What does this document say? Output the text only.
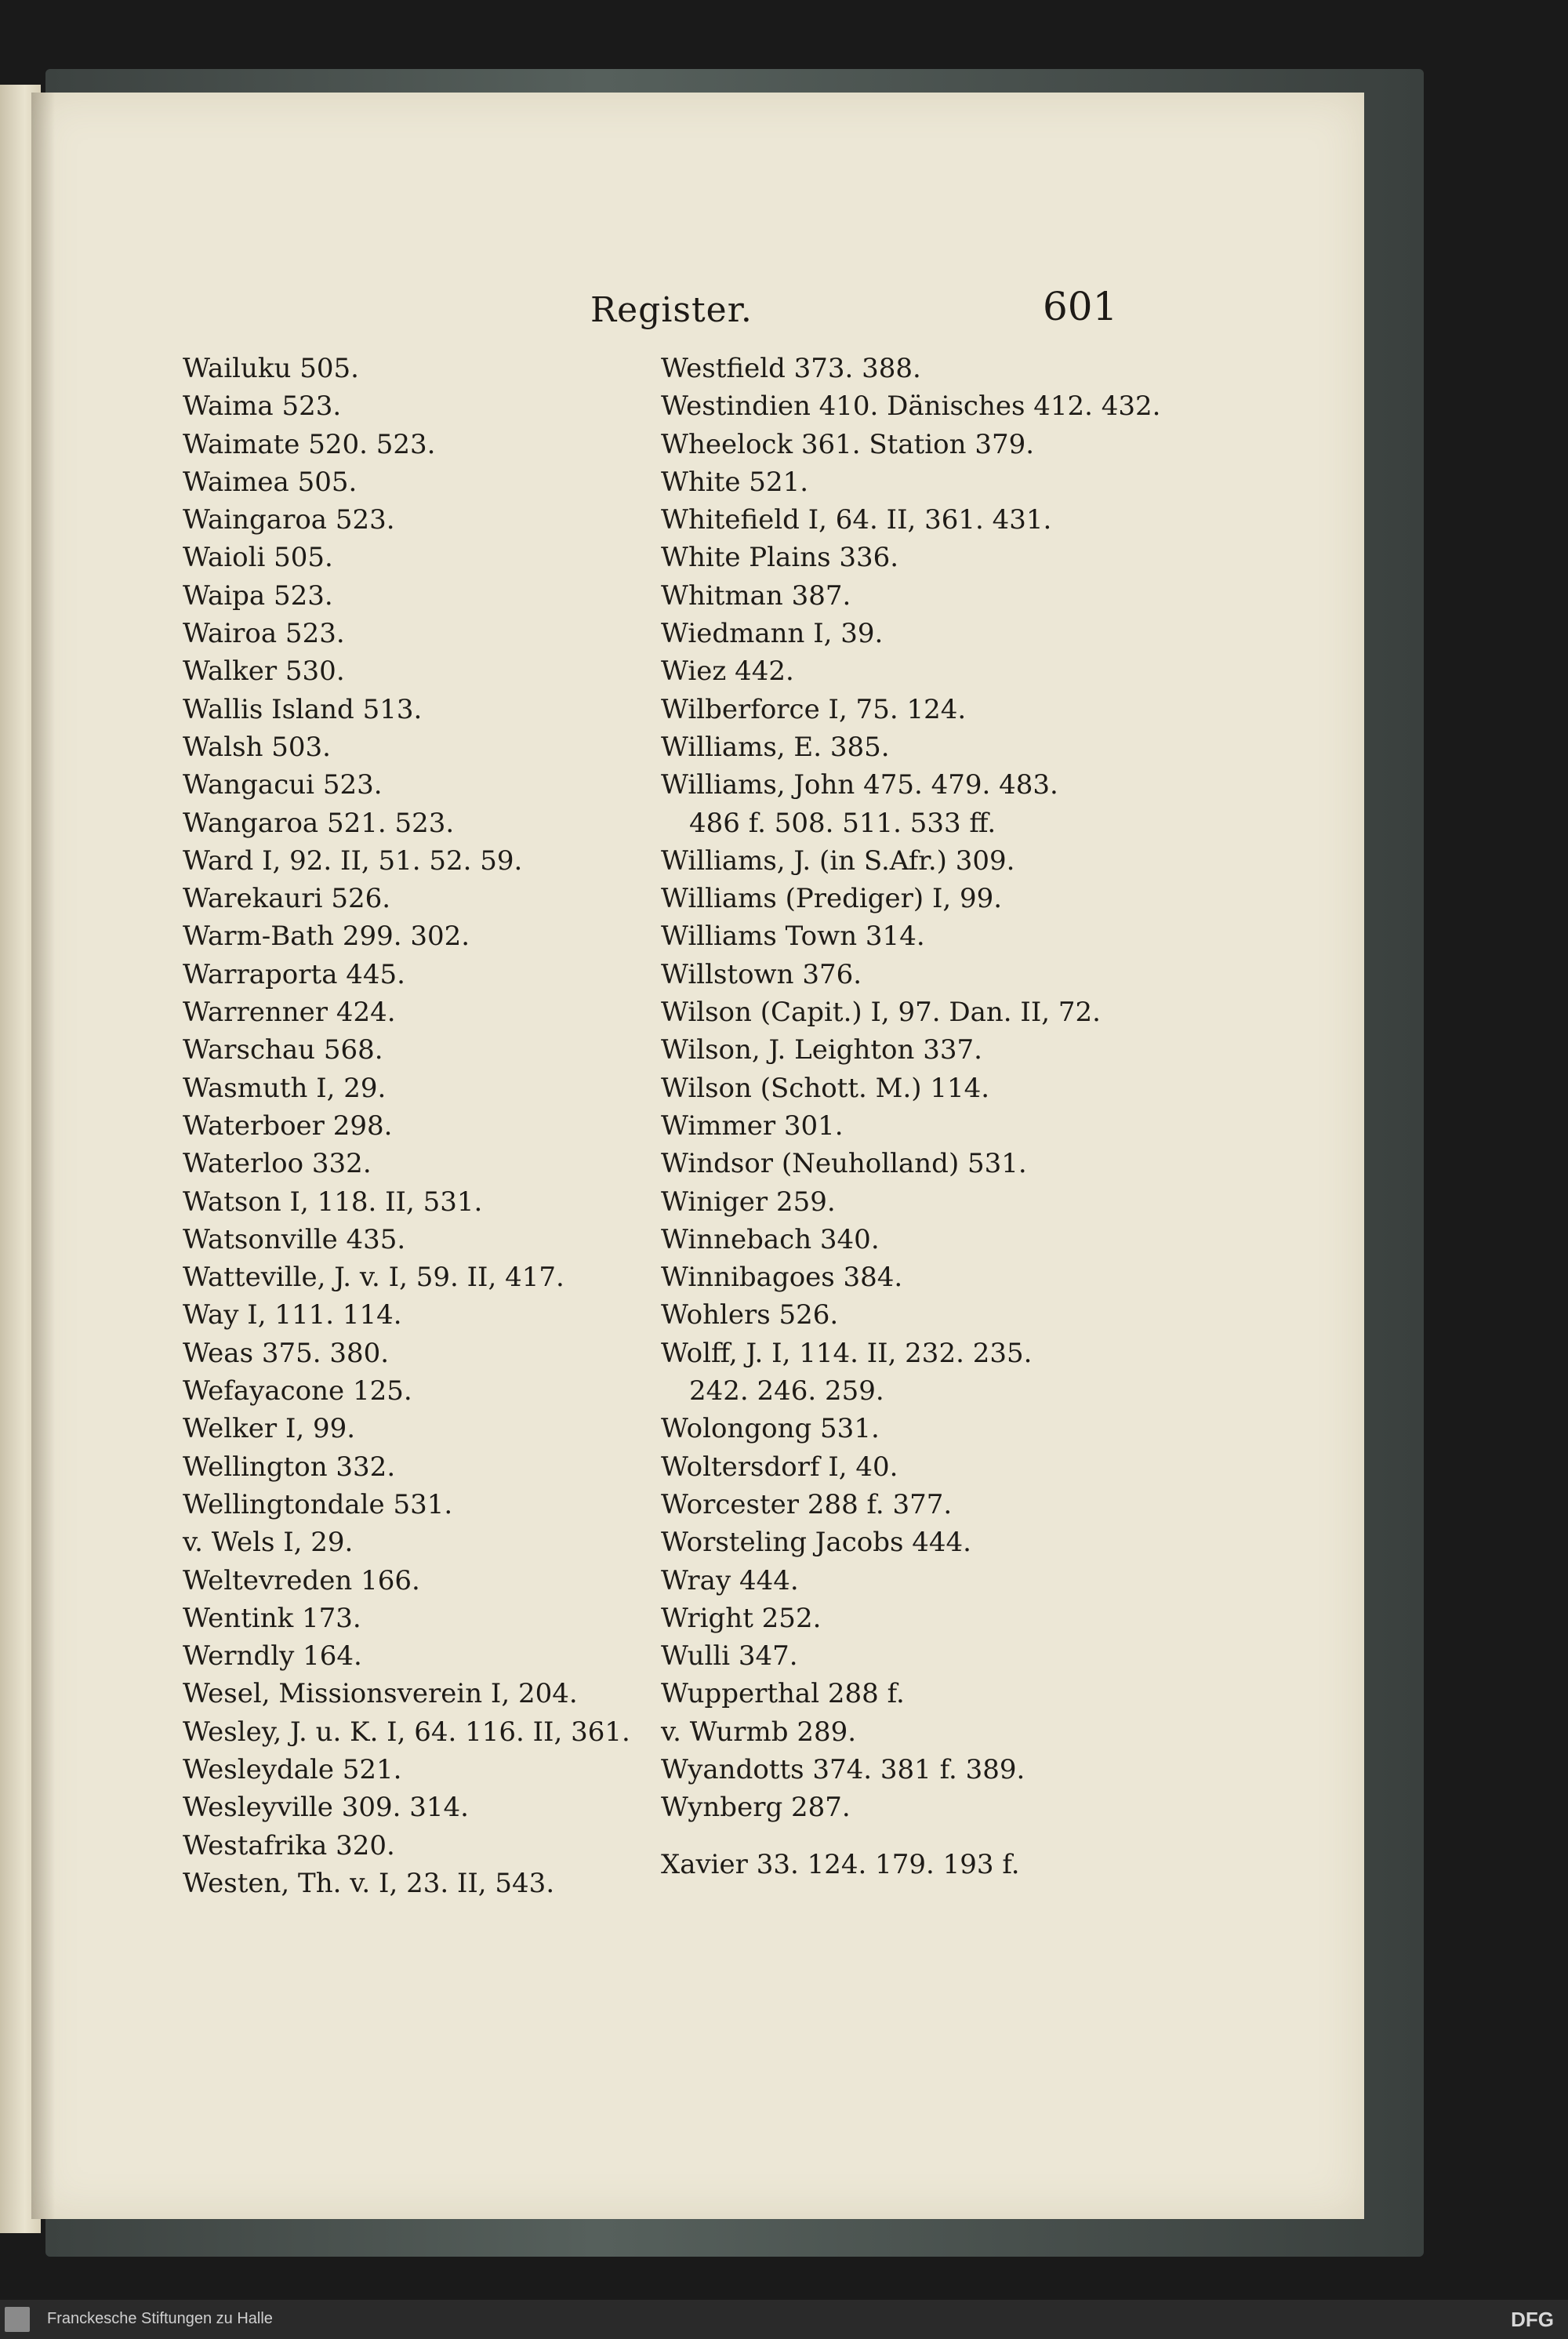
Register.	601
Wailuku 505.
Waima 523.
Waimate 520. 523.
Waimea 505.
Waingaroa 523.
Waioli 505.
Waipa 523.
Wairoa 523.
Walker 530.
Wallis Island 513.
Walsh 503.
Wangacui 523.
Wangaroa 521. 523.
Ward I, 92. II, 51. 52. 59.
Warekauri 526.
Warm-Bath 299. 302.
Warraporta 445.
Warrenner 424.
Warschau 568.
Wasmuth I, 29.
Waterboer 298.
Waterloo 332.
Watson I, 118. II, 531.
Watsonville 435.
Watteville, J. v. I, 59. II, 417.
Way I, 111. 114.
Weas 375. 380.
Wefayacone 125.
Welker I, 99.
Wellington 332.
Wellingtondale 531.
v. Wels I, 29.
Weltevreden 166.
Wentink 173.
Werndly 164.
Wesel, Missionsverein I, 204.
Wesley, J. u. K. I, 64. 116. II, 361.
Wesleydale 521.
Wesleyville 309. 314.
Westafrika 320.
Westen, Th. v. I, 23. II, 543.
Westfield 373. 388.
Westindien 410. Dänisches 412. 432.
Wheelock 361. Station 379.
White 521.
Whitefield I, 64. II, 361. 431.
White Plains 336.
Whitman 387.
Wiedmann I, 39.
Wiez 442.
Wilberforce I, 75. 124.
Williams, E. 385.
Williams, John 475. 479. 483.
486 f. 508. 511. 533 ff.
Williams, J. (in S.Afr.) 309.
Williams (Prediger) I, 99.
Williams Town 314.
Willstown 376.
Wilson (Capit.) I, 97. Dan. II, 72.
Wilson, J. Leighton 337.
Wilson (Schott. M.) 114.
Wimmer 301.
Windsor (Neuholland) 531.
Winiger 259.
Winnebach 340.
Winnibagoes 384.
Wohlers 526.
Wolff, J. I, 114. II, 232. 235.
242. 246. 259.
Wolongong 531.
Woltersdorf I, 40.
Worcester 288 f. 377.
Worsteling Jacobs 444.
Wray 444.
Wright 252.
Wulli 347.
Wupperthal 288 f.
v. Wurmb 289.
Wyandotts 374. 381 f. 389.
Wynberg 287.
Xavier 33. 124. 179. 193 f.
Franckesche Stiftungen zu Halle	DFG
